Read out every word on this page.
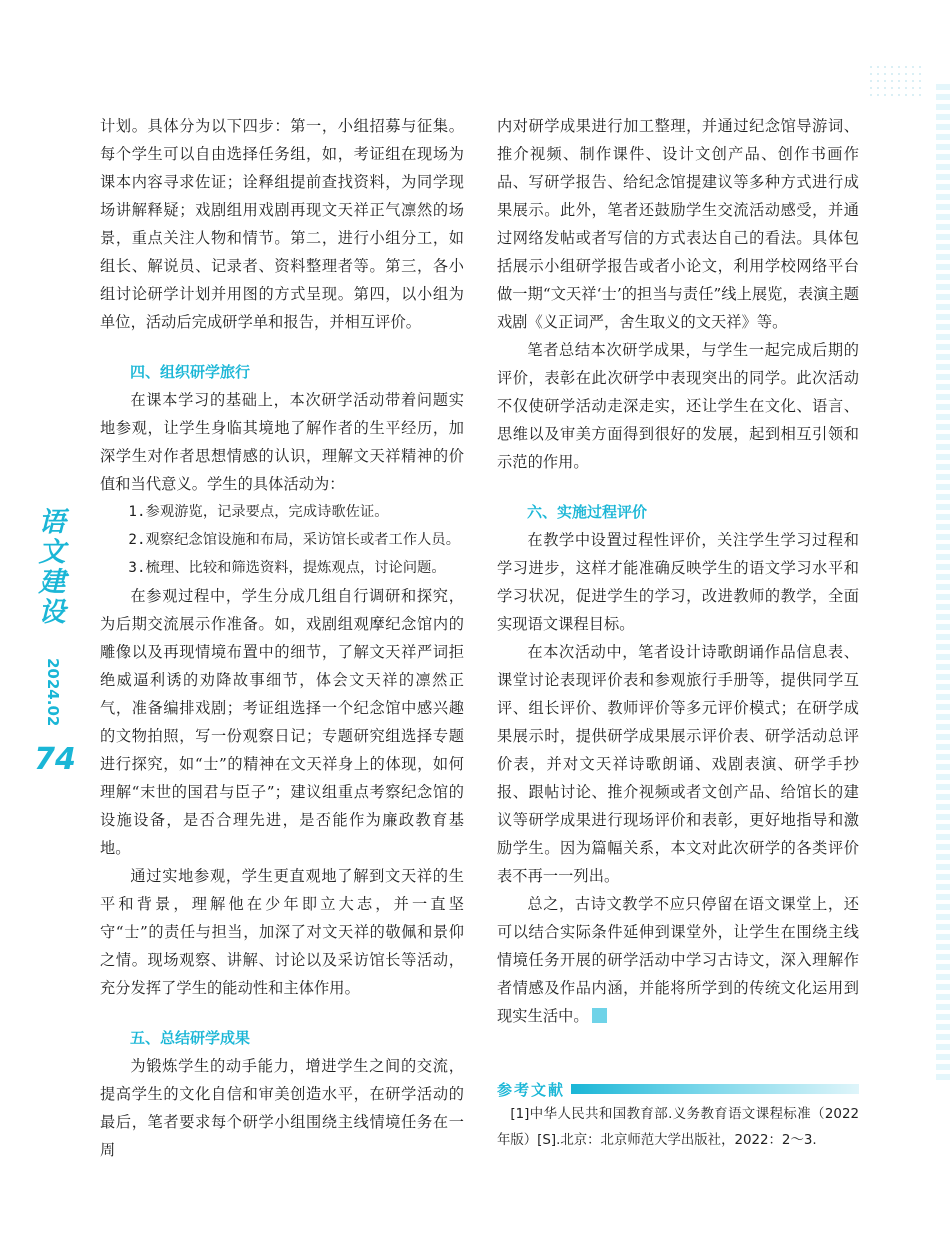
语
文
建
设
2024.02
74

计划。具体分为以下四步：第一，小组招募与征集。每个学生可以自由选择任务组，如，考证组在现场为课本内容寻求佐证；诠释组提前查找资料，为同学现场讲解释疑；戏剧组用戏剧再现文天祥正气凛然的场景，重点关注人物和情节。第二，进行小组分工，如组长、解说员、记录者、资料整理者等。第三，各小组讨论研学计划并用图的方式呈现。第四，以小组为单位，活动后完成研学单和报告，并相互评价。

四、组织研学旅行

在课本学习的基础上，本次研学活动带着问题实地参观，让学生身临其境地了解作者的生平经历，加深学生对作者思想情感的认识，理解文天祥精神的价值和当代意义。学生的具体活动为：

1.参观游览，记录要点，完成诗歌佐证。

2.观察纪念馆设施和布局，采访馆长或者工作人员。

3.梳理、比较和筛选资料，提炼观点，讨论问题。

在参观过程中，学生分成几组自行调研和探究，为后期交流展示作准备。如，戏剧组观摩纪念馆内的雕像以及再现情境布置中的细节，了解文天祥严词拒绝威逼利诱的劝降故事细节，体会文天祥的凛然正气，准备编排戏剧；考证组选择一个纪念馆中感兴趣的文物拍照，写一份观察日记；专题研究组选择专题进行探究，如“士”的精神在文天祥身上的体现，如何理解“末世的国君与臣子”；建议组重点考察纪念馆的设施设备，是否合理先进，是否能作为廉政教育基地。

通过实地参观，学生更直观地了解到文天祥的生平和背景，理解他在少年即立大志，并一直坚守“士”的责任与担当，加深了对文天祥的敬佩和景仰之情。现场观察、讲解、讨论以及采访馆长等活动，充分发挥了学生的能动性和主体作用。

五、总结研学成果

为锻炼学生的动手能力，增进学生之间的交流，提高学生的文化自信和审美创造水平，在研学活动的最后，笔者要求每个研学小组围绕主线情境任务在一周

内对研学成果进行加工整理，并通过纪念馆导游词、推介视频、制作课件、设计文创产品、创作书画作品、写研学报告、给纪念馆提建议等多种方式进行成果展示。此外，笔者还鼓励学生交流活动感受，并通过网络发帖或者写信的方式表达自己的看法。具体包括展示小组研学报告或者小论文，利用学校网络平台做一期“文天祥‘士’的担当与责任”线上展览，表演主题戏剧《义正词严，舍生取义的文天祥》等。

笔者总结本次研学成果，与学生一起完成后期的评价，表彰在此次研学中表现突出的同学。此次活动不仅使研学活动走深走实，还让学生在文化、语言、思维以及审美方面得到很好的发展，起到相互引领和示范的作用。

六、实施过程评价

在教学中设置过程性评价，关注学生学习过程和学习进步，这样才能准确反映学生的语文学习水平和学习状况，促进学生的学习，改进教师的教学，全面实现语文课程目标。

在本次活动中，笔者设计诗歌朗诵作品信息表、课堂讨论表现评价表和参观旅行手册等，提供同学互评、组长评价、教师评价等多元评价模式；在研学成果展示时，提供研学成果展示评价表、研学活动总评价表，并对文天祥诗歌朗诵、戏剧表演、研学手抄报、跟帖讨论、推介视频或者文创产品、给馆长的建议等研学成果进行现场评价和表彰，更好地指导和激励学生。因为篇幅关系，本文对此次研学的各类评价表不再一一列出。

总之，古诗文教学不应只停留在语文课堂上，还可以结合实际条件延伸到课堂外，让学生在围绕主线情境任务开展的研学活动中学习古诗文，深入理解作者情感及作品内涵，并能将所学到的传统文化运用到现实生活中。

参考文献

[1]中华人民共和国教育部.义务教育语文课程标准（2022年版）[S].北京：北京师范大学出版社，2022：2～3.
